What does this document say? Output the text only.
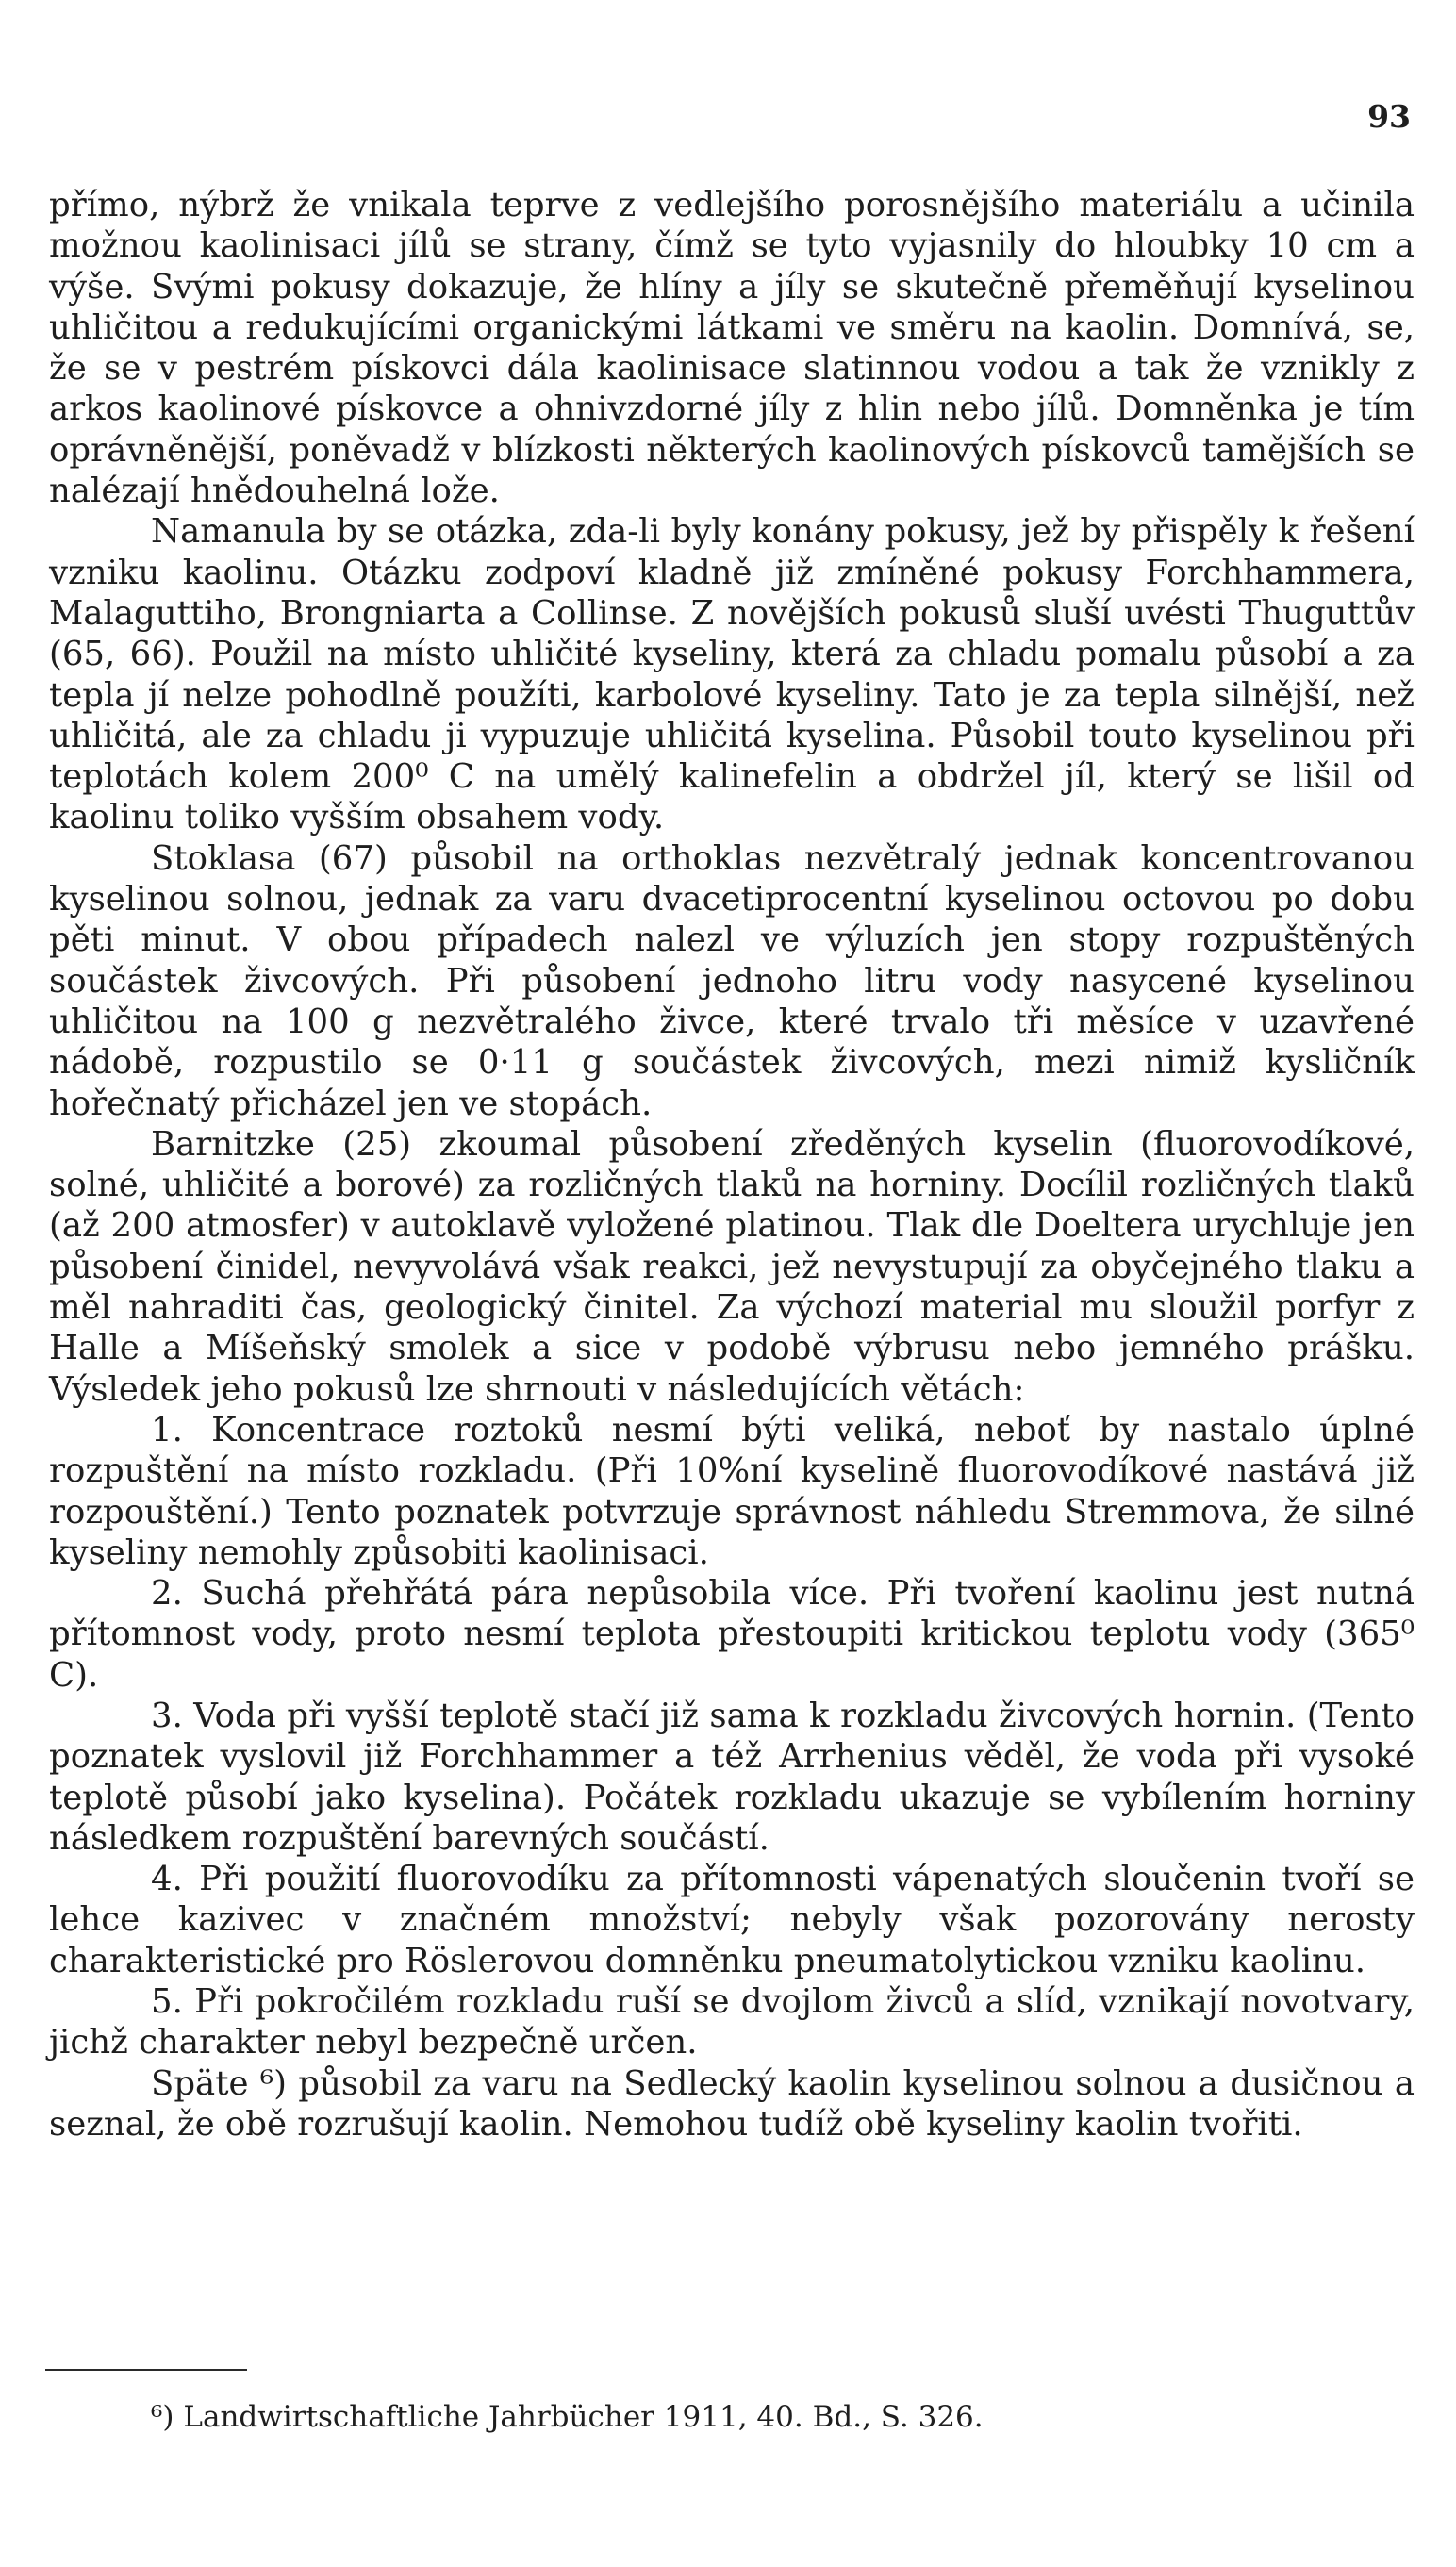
93

přímo, nýbrž že vnikala teprve z vedlejšího porosnějšího materiálu a učinila možnou kaolinisaci jílů se strany, čímž se tyto vyjasnily do hloubky 10 cm a výše. Svými pokusy dokazuje, že hlíny a jíly se skutečně přeměňují kyselinou uhličitou a redukujícími organickými látkami ve směru na kaolin. Domnívá, se, že se v pestrém pískovci dála kaolinisace slatinnou vodou a tak že vznikly z arkos kaolinové pískovce a ohnivzdorné jíly z hlin nebo jílů. Domněnka je tím oprávněnější, poněvadž v blízkosti některých kaolinových pískovců tamějších se nalézají hnědouhelná lože.

Namanula by se otázka, zda-li byly konány pokusy, jež by přispěly k řešení vzniku kaolinu. Otázku zodpoví kladně již zmíněné pokusy Forchhammera, Malaguttiho, Brongniarta a Collinse. Z novějších pokusů sluší uvésti Thuguttův (65, 66). Použil na místo uhličité kyseliny, která za chladu pomalu působí a za tepla jí nelze pohodlně použíti, karbolové kyseliny. Tato je za tepla silnější, než uhličitá, ale za chladu ji vypuzuje uhličitá kyselina. Působil touto kyselinou při teplotách kolem 200⁰ C na umělý kalinefelin a obdržel jíl, který se lišil od kaolinu toliko vyšším obsahem vody.

Stoklasa (67) působil na orthoklas nezvětralý jednak koncentrovanou kyselinou solnou, jednak za varu dvacetiprocentní kyselinou octovou po dobu pěti minut. V obou případech nalezl ve výluzích jen stopy rozpuštěných součástek živcových. Při působení jednoho litru vody nasycené kyselinou uhličitou na 100 g nezvětralého živce, které trvalo tři měsíce v uzavřené nádobě, rozpustilo se 0·11 g součástek živcových, mezi nimiž kysličník hořečnatý přicházel jen ve stopách.

Barnitzke (25) zkoumal působení zředěných kyselin (fluorovodíkové, solné, uhličité a borové) za rozličných tlaků na horniny. Docílil rozličných tlaků (až 200 atmosfer) v autoklavě vyložené platinou. Tlak dle Doeltera urychluje jen působení činidel, nevyvolává však reakci, jež nevystupují za obyčejného tlaku a měl nahraditi čas, geologický činitel. Za výchozí material mu sloužil porfyr z Halle a Míšeňský smolek a sice v podobě výbrusu nebo jemného prášku. Výsledek jeho pokusů lze shrnouti v následujících větách:

1. Koncentrace roztoků nesmí býti veliká, neboť by nastalo úplné rozpuštění na místo rozkladu. (Při 10%ní kyselině fluorovodíkové nastává již rozpouštění.) Tento poznatek potvrzuje správnost náhledu Stremmova, že silné kyseliny nemohly způsobiti kaolinisaci.

2. Suchá přehřátá pára nepůsobila více. Při tvoření kaolinu jest nutná přítomnost vody, proto nesmí teplota přestoupiti kritickou teplotu vody (365⁰ C).

3. Voda při vyšší teplotě stačí již sama k rozkladu živcových hornin. (Tento poznatek vyslovil již Forchhammer a též Arrhenius věděl, že voda při vysoké teplotě působí jako kyselina). Počátek rozkladu ukazuje se vybílením horniny následkem rozpuštění barevných součástí.

4. Při použití fluorovodíku za přítomnosti vápenatých sloučenin tvoří se lehce kazivec v značném množství; nebyly však pozorovány nerosty charakteristické pro Röslerovou domněnku pneumatolytickou vzniku kaolinu.

5. Při pokročilém rozkladu ruší se dvojlom živců a slíd, vznikají novotvary, jichž charakter nebyl bezpečně určen.

Späte ⁶) působil za varu na Sedlecký kaolin kyselinou solnou a dusičnou a seznal, že obě rozrušují kaolin. Nemohou tudíž obě kyseliny kaolin tvořiti.

⁶) Landwirtschaftliche Jahrbücher 1911, 40. Bd., S. 326.
